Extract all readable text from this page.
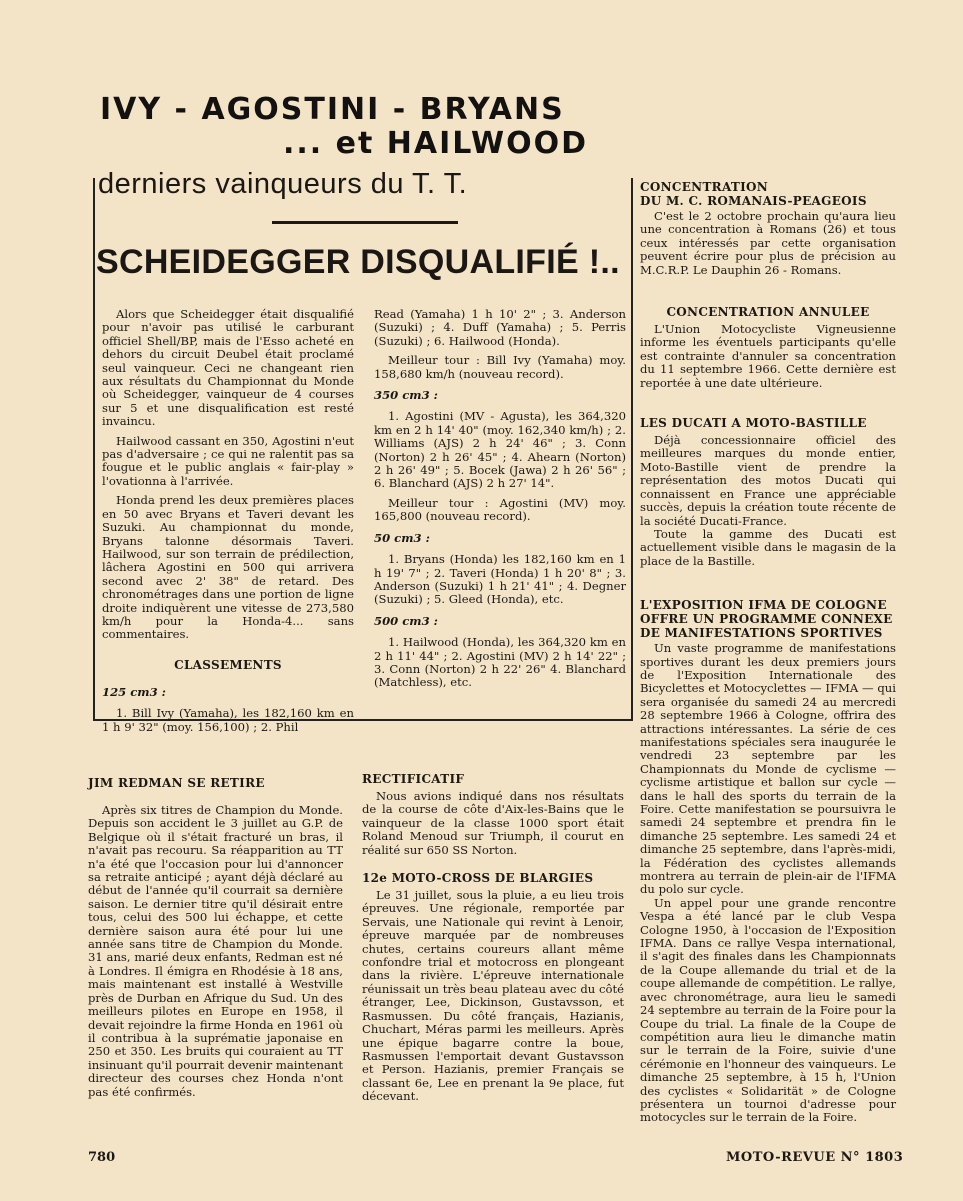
IVY - AGOSTINI - BRYANS
... et HAILWOOD
derniers vainqueurs du T. T.
SCHEIDEGGER DISQUALIFIÉ !..

Alors que Scheidegger était disqualifié pour n'avoir pas utilisé le carburant officiel Shell/BP, mais de l'Esso acheté en dehors du circuit Deubel était proclamé seul vainqueur. Ceci ne changeant rien aux résultats du Championnat du Monde où Scheidegger, vainqueur de 4 courses sur 5 et une disqualification est resté invaincu.

Hailwood cassant en 350, Agostini n'eut pas d'adversaire ; ce qui ne ralentit pas sa fougue et le public anglais « fair-play » l'ovationna à l'arrivée.

Honda prend les deux premières places en 50 avec Bryans et Taveri devant les Suzuki. Au championnat du monde, Bryans talonne désormais Taveri. Hailwood, sur son terrain de prédilection, lâchera Agostini en 500 qui arrivera second avec 2' 38" de retard. Des chronométrages dans une portion de ligne droite indiquèrent une vitesse de 273,580 km/h pour la Honda-4... sans commentaires.

CLASSEMENTS

125 cm3 :

1. Bill Ivy (Yamaha), les 182,160 km en 1 h 9' 32" (moy. 156,100) ; 2. Phil

Read (Yamaha) 1 h 10' 2" ; 3. Anderson (Suzuki) ; 4. Duff (Yamaha) ; 5. Perris (Suzuki) ; 6. Hailwood (Honda).

Meilleur tour : Bill Ivy (Yamaha) moy. 158,680 km/h (nouveau record).

350 cm3 :

1. Agostini (MV - Agusta), les 364,320 km en 2 h 14' 40" (moy. 162,340 km/h) ; 2. Williams (AJS) 2 h 24' 46" ; 3. Conn (Norton) 2 h 26' 45" ; 4. Ahearn (Norton) 2 h 26' 49" ; 5. Bocek (Jawa) 2 h 26' 56" ; 6. Blanchard (AJS) 2 h 27' 14".

Meilleur tour : Agostini (MV) moy. 165,800 (nouveau record).

50 cm3 :

1. Bryans (Honda) les 182,160 km en 1 h 19' 7" ; 2. Taveri (Honda) 1 h 20' 8" ; 3. Anderson (Suzuki) 1 h 21' 41" ; 4. Degner (Suzuki) ; 5. Gleed (Honda), etc.

500 cm3 :

1. Hailwood (Honda), les 364,320 km en 2 h 11' 44" ; 2. Agostini (MV) 2 h 14' 22" ; 3. Conn (Norton) 2 h 22' 26" 4. Blanchard (Matchless), etc.

JIM REDMAN SE RETIRE

Après six titres de Champion du Monde. Depuis son accident le 3 juillet au G.P. de Belgique où il s'était fracturé un bras, il n'avait pas recouru. Sa réapparition au TT n'a été que l'occasion pour lui d'annoncer sa retraite anticipé ; ayant déjà déclaré au début de l'année qu'il courrait sa dernière saison. Le dernier titre qu'il désirait entre tous, celui des 500 lui échappe, et cette dernière saison aura été pour lui une année sans titre de Champion du Monde. 31 ans, marié deux enfants, Redman est né à Londres. Il émigra en Rhodésie à 18 ans, mais maintenant est installé à Westville près de Durban en Afrique du Sud. Un des meilleurs pilotes en Europe en 1958, il devait rejoindre la firme Honda en 1961 où il contribua à la suprématie japonaise en 250 et 350. Les bruits qui couraient au TT insinuant qu'il pourrait devenir maintenant directeur des courses chez Honda n'ont pas été confirmés.

RECTIFICATIF

Nous avions indiqué dans nos résultats de la course de côte d'Aix-les-Bains que le vainqueur de la classe 1000 sport était Roland Menoud sur Triumph, il courut en réalité sur 650 SS Norton.

12e MOTO-CROSS DE BLARGIES

Le 31 juillet, sous la pluie, a eu lieu trois épreuves. Une régionale, remportée par Servais, une Nationale qui revint à Lenoir, épreuve marquée par de nombreuses chutes, certains coureurs allant même confondre trial et motocross en plongeant dans la rivière. L'épreuve internationale réunissait un très beau plateau avec du côté étranger, Lee, Dickinson, Gustavsson, et Rasmussen. Du côté français, Hazianis, Chuchart, Méras parmi les meilleurs. Après une épique bagarre contre la boue, Rasmussen l'emportait devant Gustavsson et Person. Hazianis, premier Français se classant 6e, Lee en prenant la 9e place, fut décevant.

CONCENTRATION
DU M. C. ROMANAIS-PEAGEOIS

C'est le 2 octobre prochain qu'aura lieu une concentration à Romans (26) et tous ceux intéressés par cette organisation peuvent écrire pour plus de précision au M.C.R.P. Le Dauphin 26 - Romans.

CONCENTRATION ANNULEE

L'Union Motocycliste Vigneusienne informe les éventuels participants qu'elle est contrainte d'annuler sa concentration du 11 septembre 1966. Cette dernière est reportée à une date ultérieure.

LES DUCATI A MOTO-BASTILLE

Déjà concessionnaire officiel des meilleures marques du monde entier, Moto-Bastille vient de prendre la représentation des motos Ducati qui connaissent en France une appréciable succès, depuis la création toute récente de la société Ducati-France.

Toute la gamme des Ducati est actuellement visible dans le magasin de la place de la Bastille.

L'EXPOSITION IFMA DE COLOGNE
OFFRE UN PROGRAMME CONNEXE
DE MANIFESTATIONS SPORTIVES

Un vaste programme de manifestations sportives durant les deux premiers jours de l'Exposition Internationale des Bicyclettes et Motocyclettes — IFMA — qui sera organisée du samedi 24 au mercredi 28 septembre 1966 à Cologne, offrira des attractions intéressantes. La série de ces manifestations spéciales sera inaugurée le vendredi 23 septembre par les Championnats du Monde de cyclisme — cyclisme artistique et ballon sur cycle — dans le hall des sports du terrain de la Foire. Cette manifestation se poursuivra le samedi 24 septembre et prendra fin le dimanche 25 septembre. Les samedi 24 et dimanche 25 septembre, dans l'après-midi, la Fédération des cyclistes allemands montrera au terrain de plein-air de l'IFMA du polo sur cycle.

Un appel pour une grande rencontre Vespa a été lancé par le club Vespa Cologne 1950, à l'occasion de l'Exposition IFMA. Dans ce rallye Vespa international, il s'agit des finales dans les Championnats de la Coupe allemande du trial et de la coupe allemande de compétition. Le rallye, avec chronométrage, aura lieu le samedi 24 septembre au terrain de la Foire pour la Coupe du trial. La finale de la Coupe de compétition aura lieu le dimanche matin sur le terrain de la Foire, suivie d'une cérémonie en l'honneur des vainqueurs. Le dimanche 25 septembre, à 15 h, l'Union des cyclistes « Solidarität » de Cologne présentera un tournoi d'adresse pour motocycles sur le terrain de la Foire.

780	MOTO-REVUE N° 1803
